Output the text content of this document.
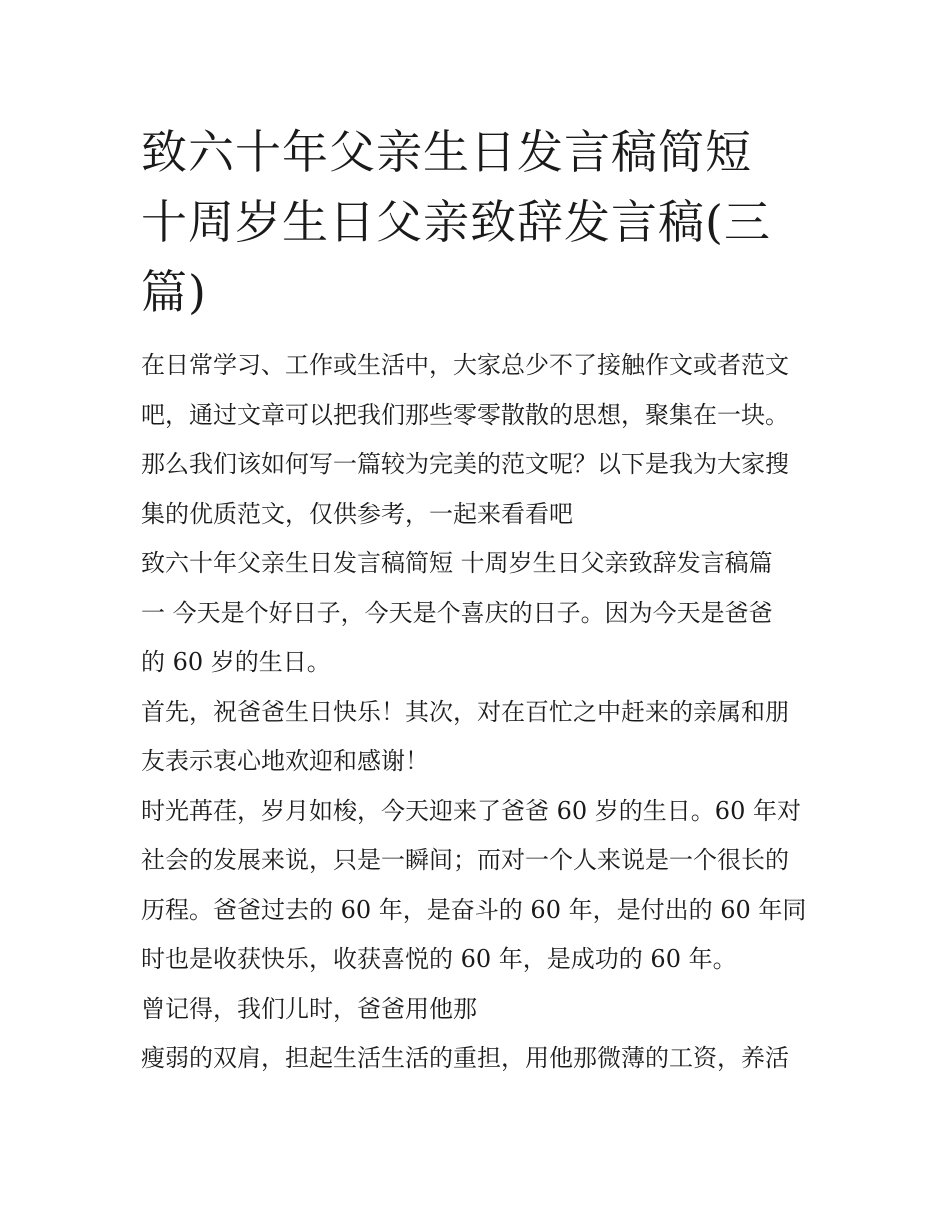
致六十年父亲生日发言稿简短
十周岁生日父亲致辞发言稿(三
篇)

在日常学习、工作或生活中，大家总少不了接触作文或者范文
吧，通过文章可以把我们那些零零散散的思想，聚集在一块。
那么我们该如何写一篇较为完美的范文呢？以下是我为大家搜
集的优质范文，仅供参考，一起来看看吧

致六十年父亲生日发言稿简短 十周岁生日父亲致辞发言稿篇
一 今天是个好日子，今天是个喜庆的日子。因为今天是爸爸
的 60 岁的生日。

首先，祝爸爸生日快乐！其次，对在百忙之中赶来的亲属和朋
友表示衷心地欢迎和感谢！

时光苒荏，岁月如梭，今天迎来了爸爸 60 岁的生日。60 年对
社会的发展来说，只是一瞬间；而对一个人来说是一个很长的
历程。爸爸过去的 60 年，是奋斗的 60 年，是付出的 60 年同
时也是收获快乐，收获喜悦的 60 年，是成功的 60 年。

曾记得，我们儿时，爸爸用他那

瘦弱的双肩，担起生活生活的重担，用他那微薄的工资，养活
